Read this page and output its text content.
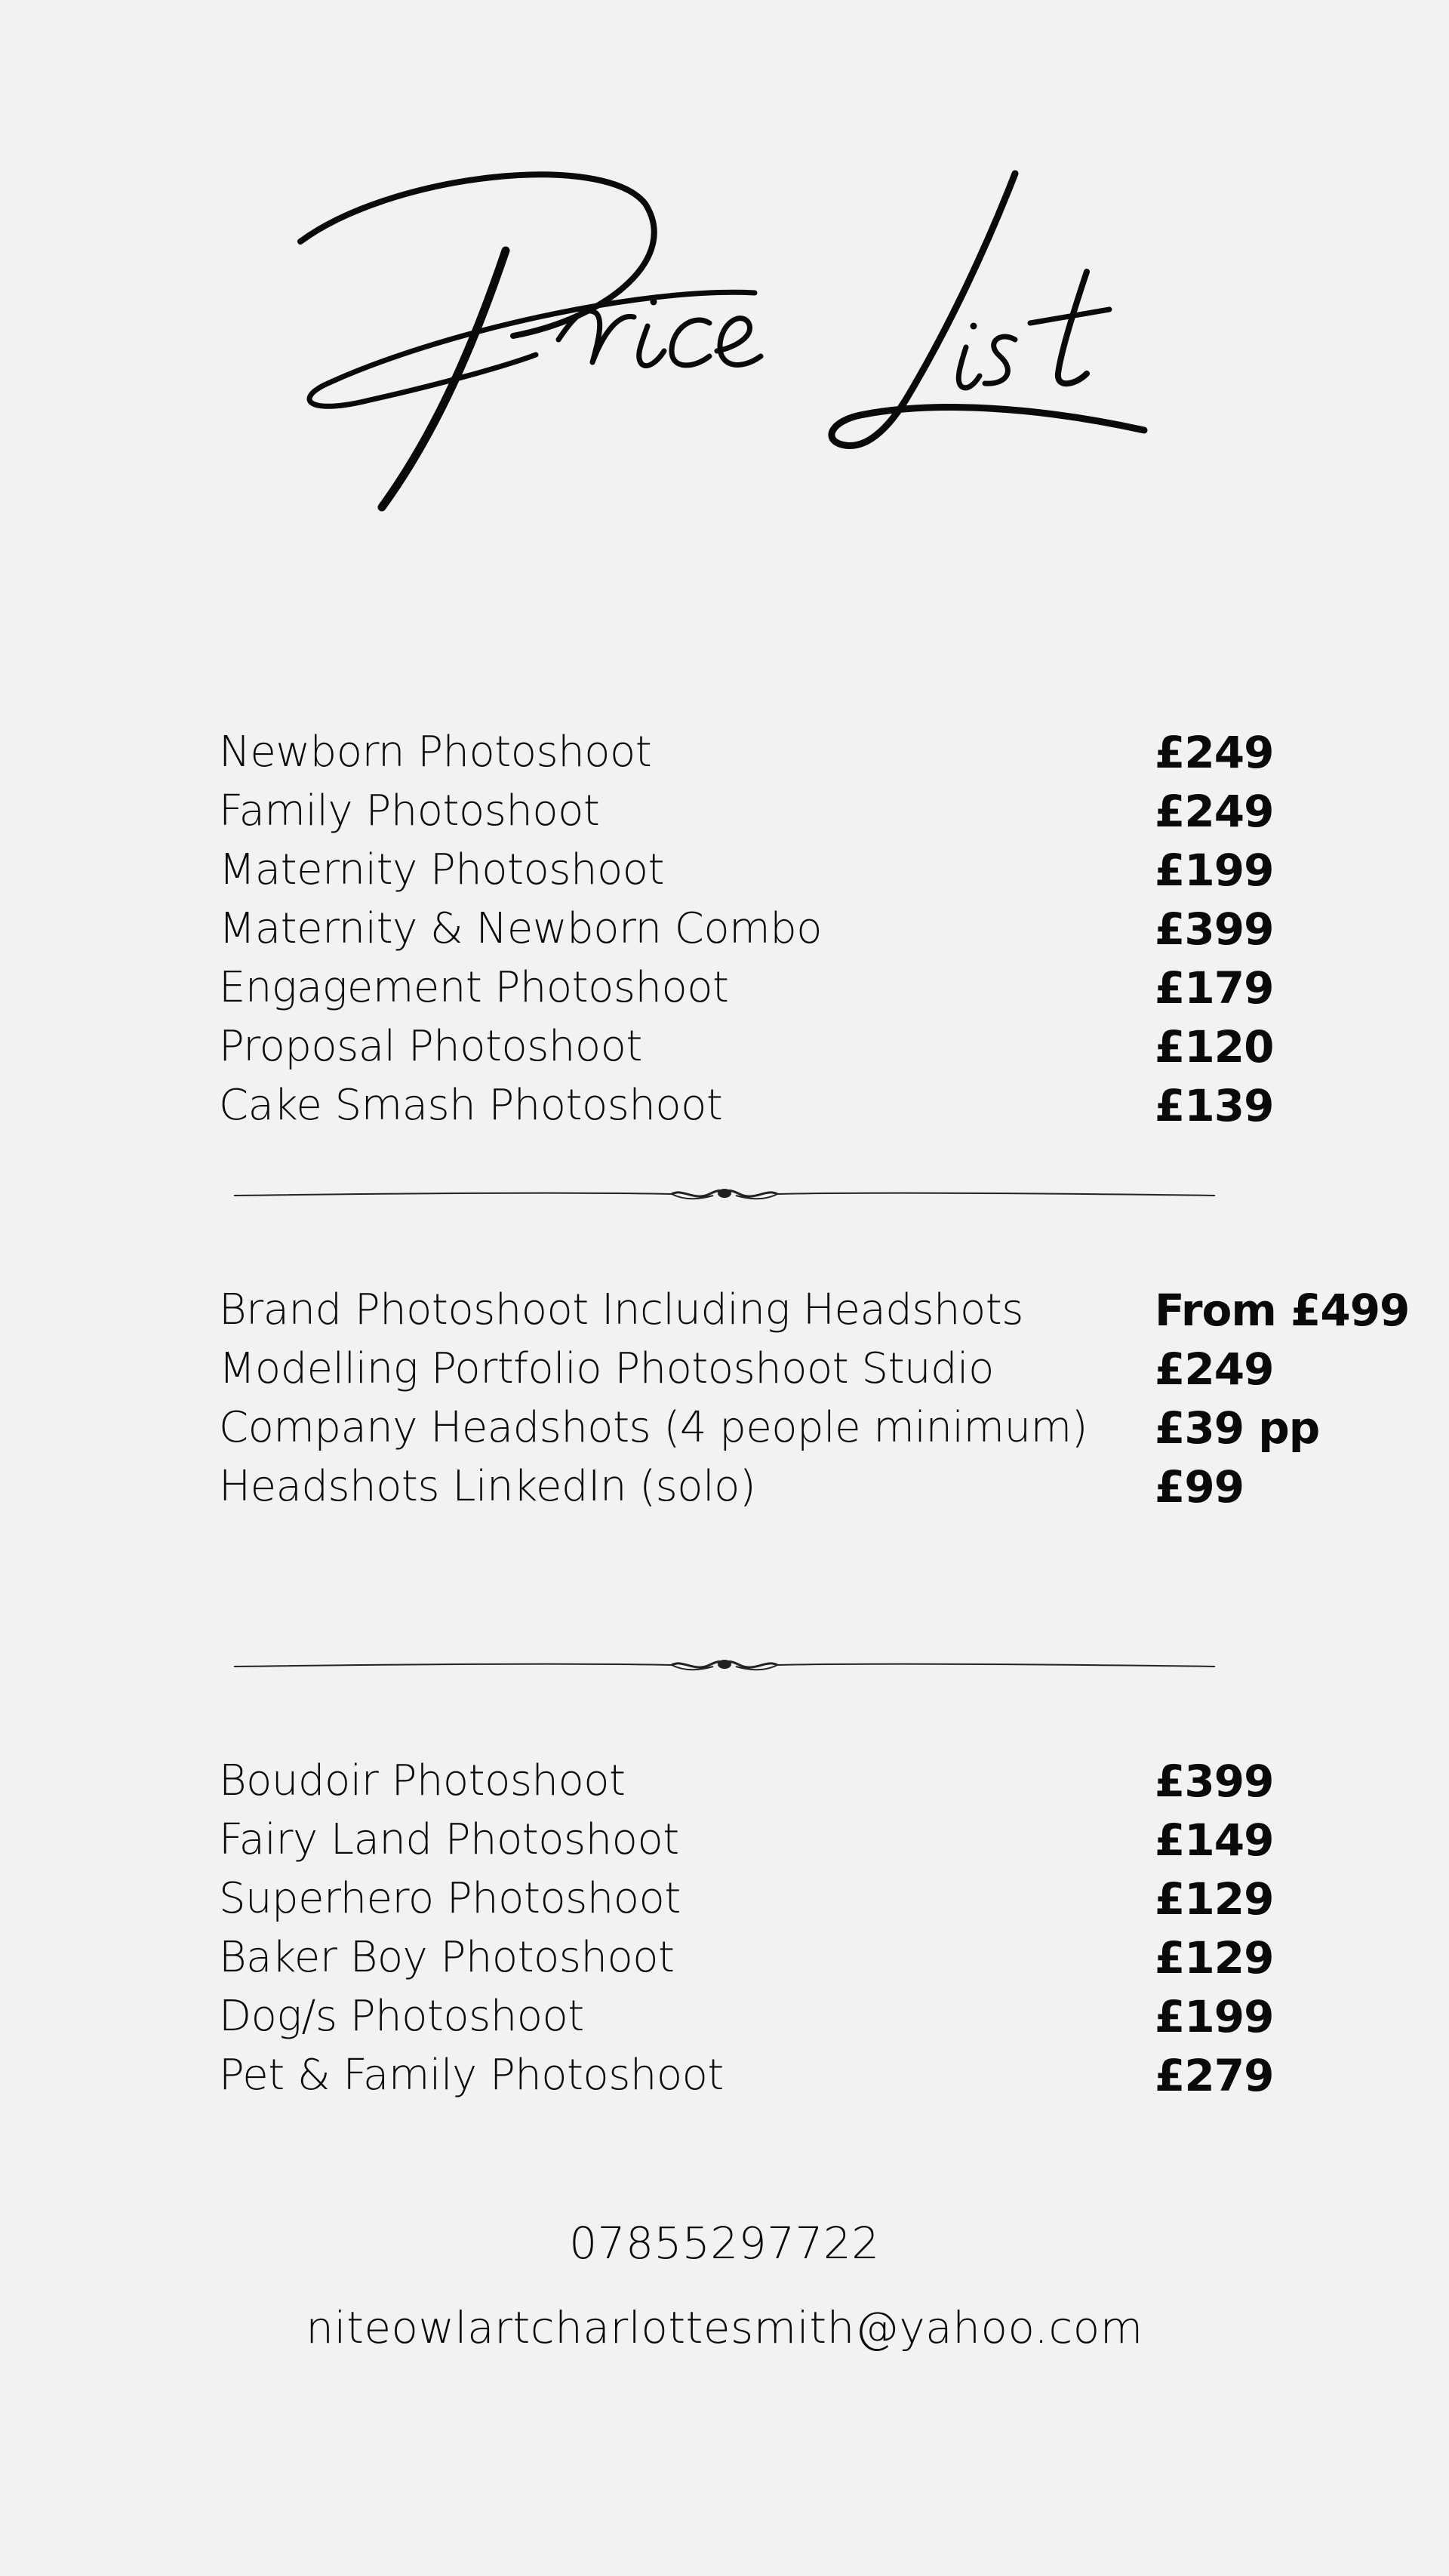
Newborn Photoshoot	£249
Family Photoshoot	£249
Maternity Photoshoot	£199
Maternity & Newborn Combo	£399
Engagement Photoshoot	£179
Proposal Photoshoot	£120
Cake Smash Photoshoot	£139
Brand Photoshoot Including Headshots	From £499
Modelling Portfolio Photoshoot Studio	£249
Company Headshots (4 people minimum) £39 pp
Headshots LinkedIn (solo)	£99
Boudoir Photoshoot	£399
Fairy Land Photoshoot	£149
Superhero Photoshoot	£129
Baker Boy Photoshoot	£129
Dog/s Photoshoot	£199
Pet & Family Photoshoot	£279
07855297722
niteowlartcharlottesmith@yahoo.com
